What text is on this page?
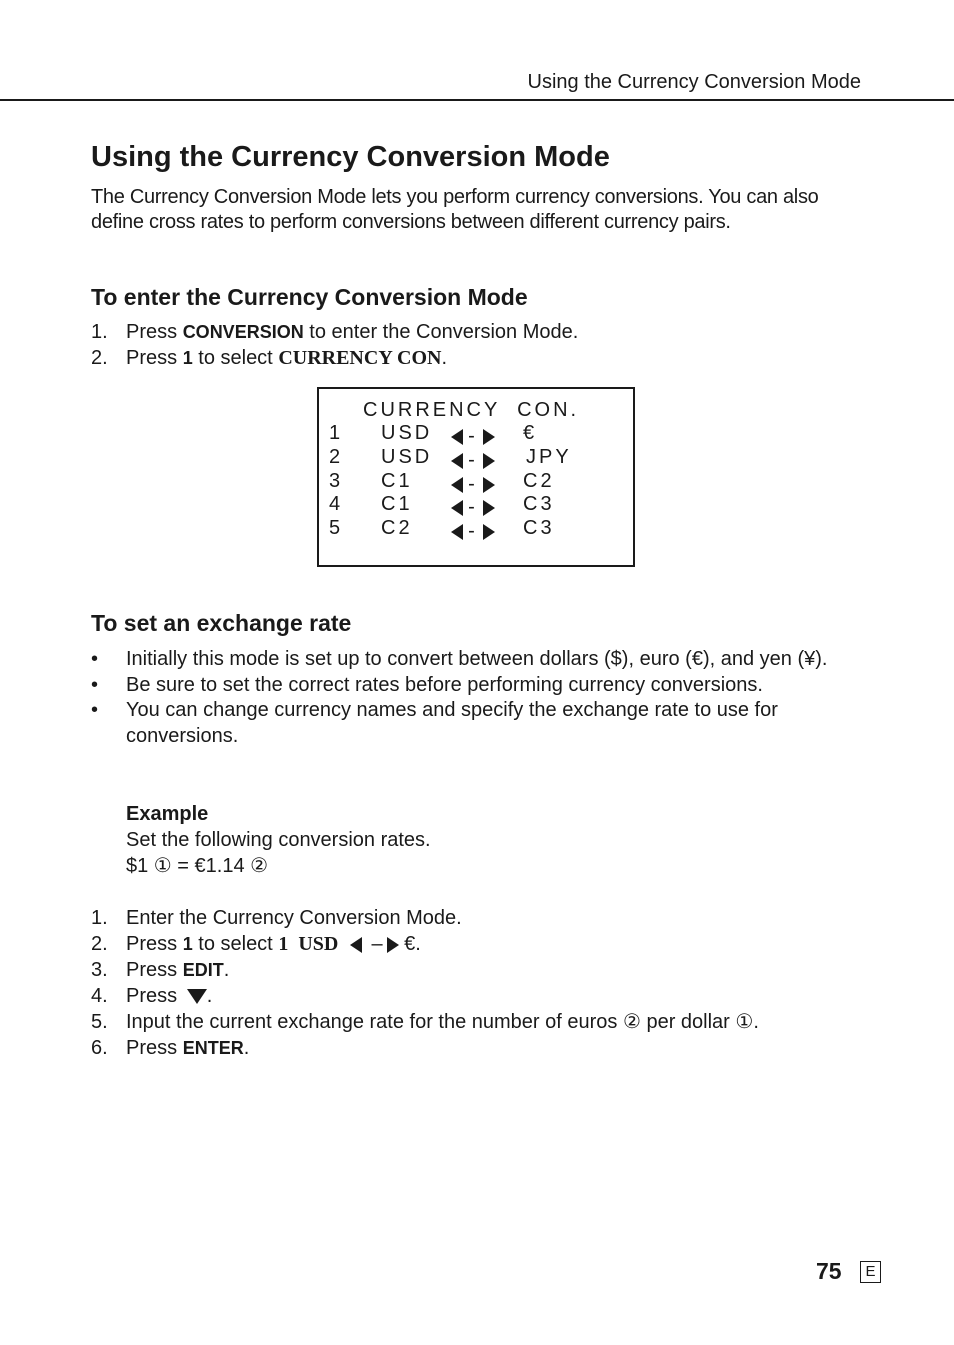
Using the Currency Conversion Mode
Using the Currency Conversion Mode
The Currency Conversion Mode lets you perform currency conversions. You can also define cross rates to perform conversions between different currency pairs.
To enter the Currency Conversion Mode
1. Press CONVERSION to enter the Conversion Mode.
2. Press 1 to select CURRENCY CON.
CURRENCY  CON.
1 USD	-	€
2 USD	-	JPY
3 C1	-	C2
4 C1	-	C3
5 C2	-	C3
To set an exchange rate
•	Initially this mode is set up to convert between dollars ($), euro (€), and yen (¥).
•	Be sure to set the correct rates before performing currency conversions.
•	You can change currency names and specify the exchange rate to use for conversions.
Example
Set the following conversion rates.
$1 ① = €1.14 ②
1. Enter the Currency Conversion Mode.
2. Press 1 to select 1  USD – €.
3. Press EDIT.
4. Press .
5. Input the current exchange rate for the number of euros ② per dollar ①.
6. Press ENTER.
75	E
